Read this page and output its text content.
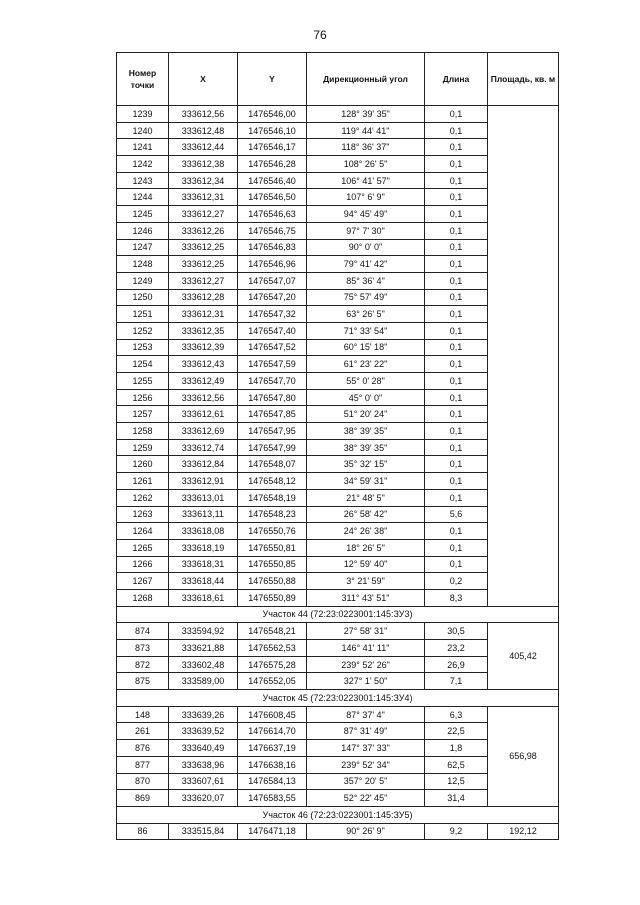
76
Номер точки	X	Y	Дирекционный угол	Длина	Площадь, кв. м
1239	333612,56	1476546,00	128° 39' 35"	0,1	
1240	333612,48	1476546,10	119° 44' 41"	0,1	
1241	333612,44	1476546,17	118° 36' 37"	0,1	
1242	333612,38	1476546,28	108° 26' 5"	0,1	
1243	333612,34	1476546,40	106° 41' 57"	0,1	
1244	333612,31	1476546,50	107° 6' 9"	0,1	
1245	333612,27	1476546,63	94° 45' 49"	0,1	
1246	333612,26	1476546,75	97° 7' 30"	0,1	
1247	333612,25	1476546,83	90° 0' 0"	0,1	
1248	333612,25	1476546,96	79° 41' 42"	0,1	
1249	333612,27	1476547,07	85° 36' 4"	0,1	
1250	333612,28	1476547,20	75° 57' 49"	0,1	
1251	333612,31	1476547,32	63° 26' 5"	0,1	
1252	333612,35	1476547,40	71° 33' 54"	0,1	
1253	333612,39	1476547,52	60° 15' 18"	0,1	
1254	333612,43	1476547,59	61° 23' 22"	0,1	
1255	333612,49	1476547,70	55° 0' 28"	0,1	
1256	333612,56	1476547,80	45° 0' 0"	0,1	
1257	333612,61	1476547,85	51° 20' 24"	0,1	
1258	333612,69	1476547,95	38° 39' 35"	0,1	
1259	333612,74	1476547,99	38° 39' 35"	0,1	
1260	333612,84	1476548,07	35° 32' 15"	0,1	
1261	333612,91	1476548,12	34° 59' 31"	0,1	
1262	333613,01	1476548,19	21° 48' 5"	0,1	
1263	333613,11	1476548,23	26° 58' 42"	5,6	
1264	333618,08	1476550,76	24° 26' 38"	0,1	
1265	333618,19	1476550,81	18° 26' 5"	0,1	
1266	333618,31	1476550,85	12° 59' 40"	0,1	
1267	333618,44	1476550,88	3° 21' 59"	0,2	
1268	333618,61	1476550,89	311° 43' 51"	8,3	
Участок 44 (72:23:0223001:145:ЗУ3)					
874	333594,92	1476548,21	27° 58' 31"	30,5	405,42
873	333621,88	1476562,53	146° 41' 11"	23,2	
872	333602,48	1476575,28	239° 52' 26"	26,9	
875	333589,00	1476552,05	327° 1' 50"	7,1	
Участок 45 (72:23:0223001:145:ЗУ4)					
148	333639,26	1476608,45	87° 37' 4"	6,3	656,98
261	333639,52	1476614,70	87° 31' 49"	22,5	
876	333640,49	1476637,19	147° 37' 33"	1,8	
877	333638,96	1476638,16	239° 52' 34"	62,5	
870	333607,61	1476584,13	357° 20' 5"	12,5	
869	333620,07	1476583,55	52° 22' 45"	31,4	
Участок 46 (72:23:0223001:145:ЗУ5)					
86	333515,84	1476471,18	90° 26' 9"	9,2	192,12
